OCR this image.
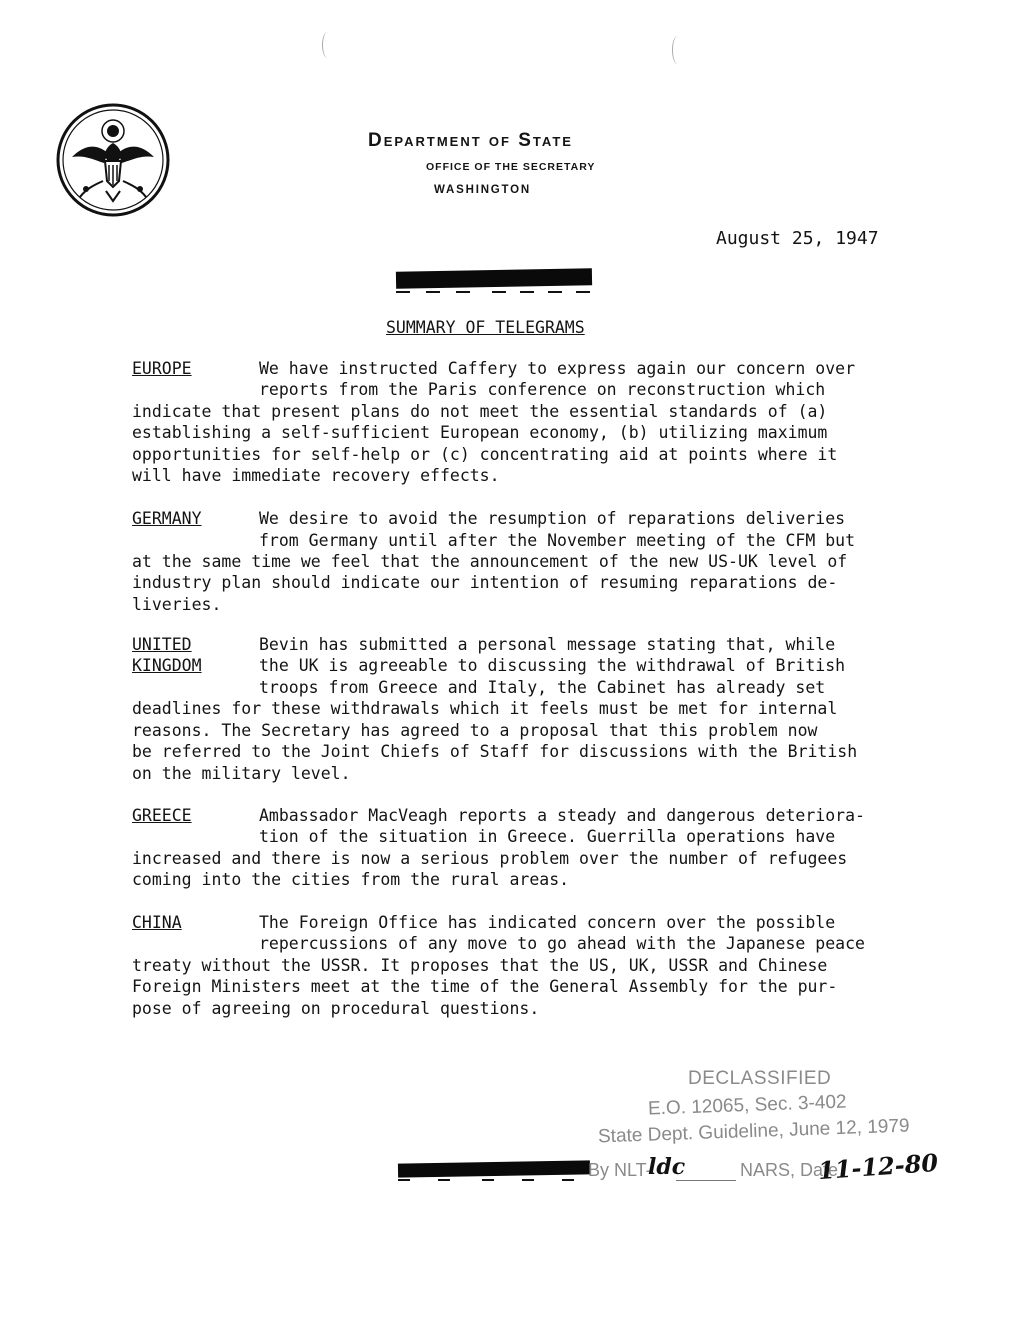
Department of State
OFFICE OF THE SECRETARY
WASHINGTON
August 25, 1947
SUMMARY OF TELEGRAMS
EUROPE	We have instructed Caffery to express again our concern over
reports from the Paris conference on reconstruction which
indicate that present plans do not meet the essential standards of (a)
establishing a self-sufficient European economy, (b) utilizing maximum
opportunities for self-help or (c) concentrating aid at points where it
will have immediate recovery effects.
GERMANY	We desire to avoid the resumption of reparations deliveries
from Germany until after the November meeting of the CFM but
at the same time we feel that the announcement of the new US-UK level of
industry plan should indicate our intention of resuming reparations de-
liveries.
UNITED
KINGDOM
Bevin has submitted a personal message stating that, while
the UK is agreeable to discussing the withdrawal of British
troops from Greece and Italy, the Cabinet has already set
deadlines for these withdrawals which it feels must be met for internal
reasons. The Secretary has agreed to a proposal that this problem now
be referred to the Joint Chiefs of Staff for discussions with the British
on the military level.
GREECE	Ambassador MacVeagh reports a steady and dangerous deteriora-
tion of the situation in Greece. Guerrilla operations have
increased and there is now a serious problem over the number of refugees
coming into the cities from the rural areas.
CHINA	The Foreign Office has indicated concern over the possible
repercussions of any move to go ahead with the Japanese peace
treaty without the USSR. It proposes that the US, UK, USSR and Chinese
Foreign Ministers meet at the time of the General Assembly for the pur-
pose of agreeing on procedural questions.
DECLASSIFIED
E.O. 12065, Sec. 3-402
State Dept. Guideline, June 12, 1979
By NLT-
ldc	NARS, Date
11-12-80
